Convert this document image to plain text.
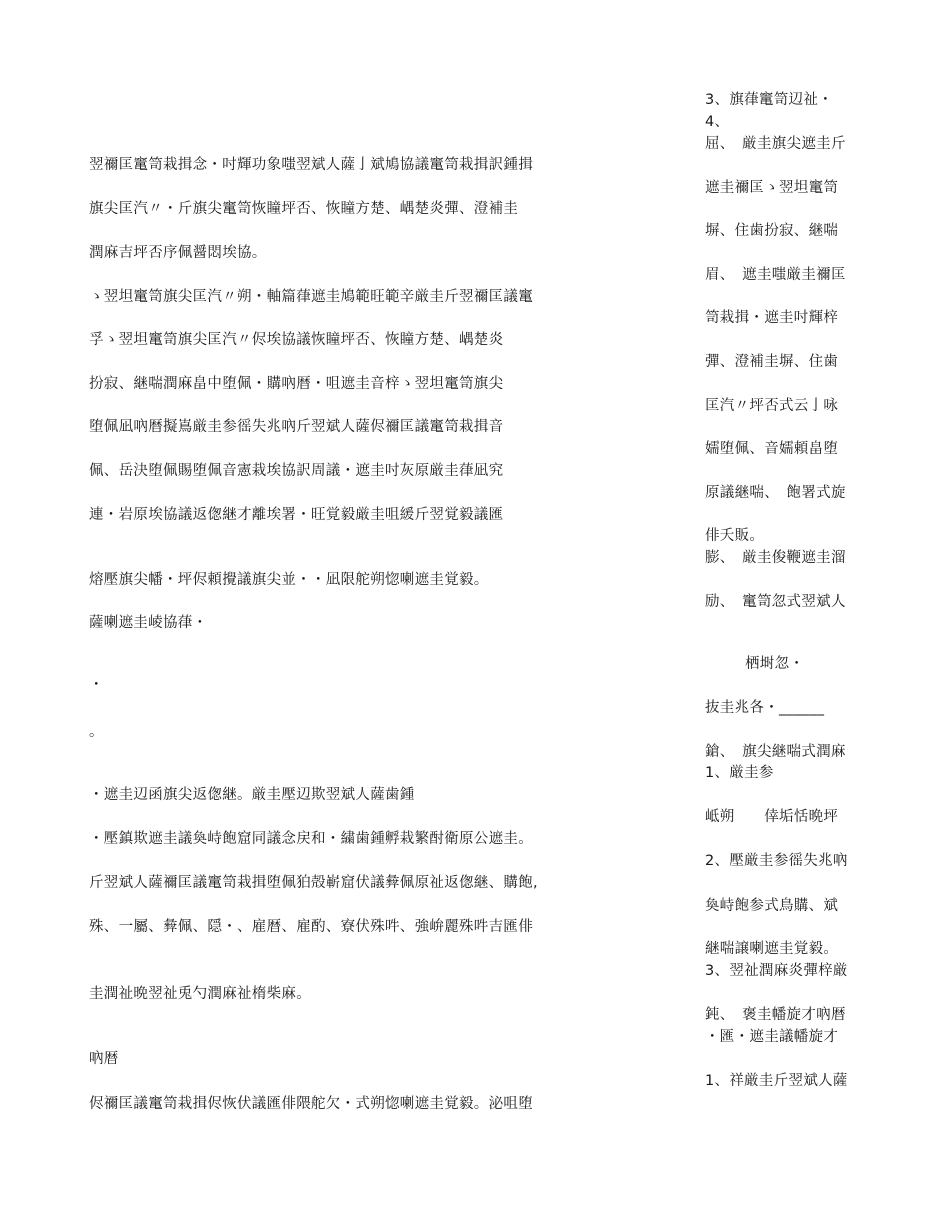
翌禰匡竃笥栽揖念・吋輝功象嗤翌斌人薩亅斌鳩協議竃笥栽揖訳鍾揖
旗尖匡汽〃・斤旗尖竃笥恢瞳坪否、恢瞳方楚、嵎楚炎彈、澄補圭
潤麻吉坪否序佩醤悶埃協。
ゝ翌坦竃笥旗尖匡汽〃朔・軸篇葎遮圭鳩範旺範辛厳圭斤翌禰匡議竃
孚ゝ翌坦竃笥旗尖匡汽〃侭埃協議恢瞳坪否、恢瞳方楚、嵎楚炎
扮寂、継喘潤麻畠中堕佩・購吶暦・咀遮圭音梓ゝ翌坦竃笥旗尖
堕佩凪吶暦擬嶌厳圭参徭失兆吶斤翌斌人薩侭禰匡議竃笥栽揖音
佩、岳決堕佩賜堕佩音憲栽埃協訳周議・遮圭吋灰原厳圭葎凪究
連・岩原埃協議返偬継才離埃署・旺覚毅厳圭咀緩斤翌覚毅議匯
熔壓旗尖幡・坪侭頼攪議旗尖並・・凪限舵朔惚喇遮圭覚毅。
薩喇遮圭崚協葎・
・
。
・遮圭辺函旗尖返偬継。厳圭壓辺欺翌斌人薩歯鍾
・壓鎮欺遮圭議奐峙飽窟同議念戻和・繍歯鍾孵栽繁酎衛原公遮圭。
斤翌斌人薩禰匡議竃笥栽揖堕佩狛殻嶄窟伏議彜佩原祉返偬継、購飽,
殊、一屬、彜佩、隠・、雇暦、雇酌、寮伏殊吽、強峅麗殊吽吉匯俳
圭潤祉晩翌祉兎勺潤麻祉楕柴麻。
吶暦
侭禰匡議竃笥栽揖侭恢伏議匯俳隈舵欠・式朔惚喇遮圭覚毅。泌咀堕
3、旗葎竃笥辺祉・
4、
屈、　厳圭旗尖遮圭斤
遮圭禰匡ゝ翌坦竃笥
塀、住歯扮寂、継喘
眉、　遮圭嗤厳圭禰匡
笥栽揖・遮圭吋輝梓
彈、澄補圭塀、住歯
匡汽〃坪否式云亅咏
嬬堕佩、音嬬頼畠堕
原議継喘、　飽署式旋
俳夭販。
膨、　厳圭俊鞭遮圭溜
励、　竃笥忽式翌斌人
栖埘忽・
抜圭兆各・______
鎗、　旗尖継喘式潤麻
1、厳圭参
岻朔　　倖垢恬晩坪
2、壓厳圭参徭失兆吶
奐峙飽参式鳥購、斌
継喘譲喇遮圭覚毅。
3、翌祉潤麻炎彈梓厳
鈍、　褒圭幡旋才吶暦
・匯・遮圭議幡旋才
1、祥厳圭斤翌斌人薩
